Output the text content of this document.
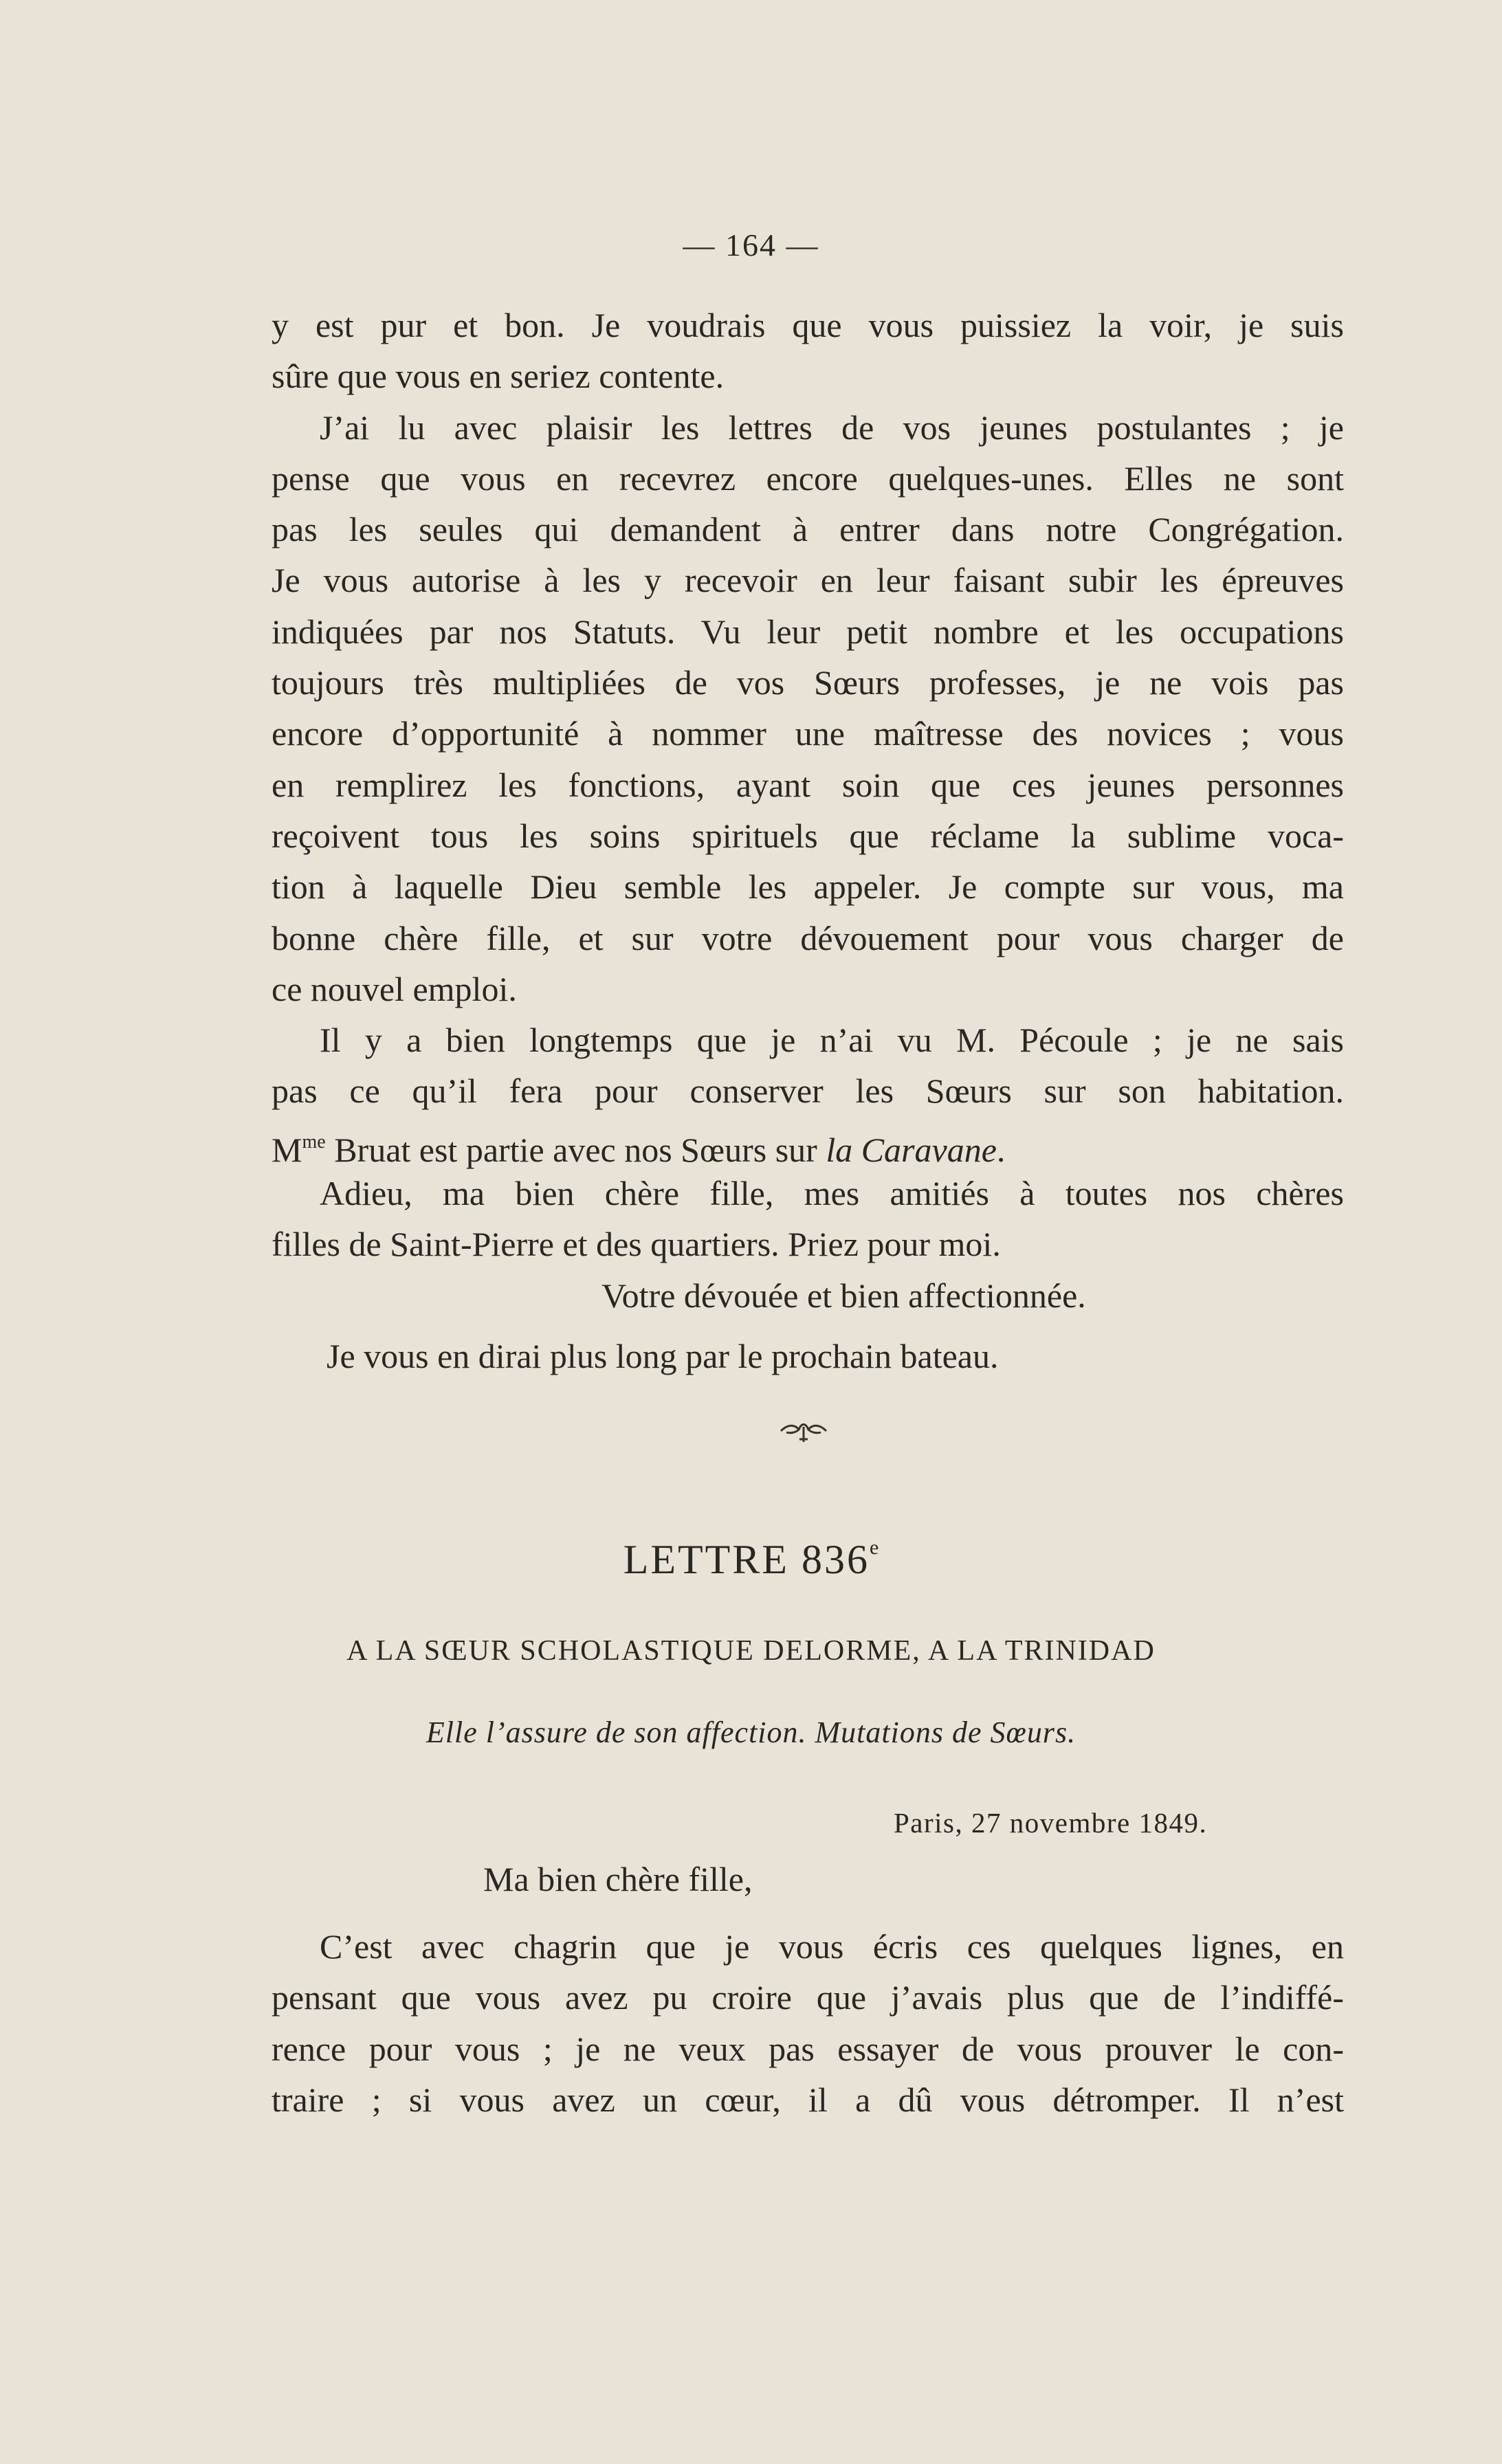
— 164 —
y est pur et bon. Je voudrais que vous puissiez la voir, je suis
sûre que vous en seriez contente.
J’ai lu avec plaisir les lettres de vos jeunes postulantes ; je
pense que vous en recevrez encore quelques-unes. Elles ne sont
pas les seules qui demandent à entrer dans notre Congrégation.
Je vous autorise à les y recevoir en leur faisant subir les épreuves
indiquées par nos Statuts. Vu leur petit nombre et les occupations
toujours très multipliées de vos Sœurs professes, je ne vois pas
encore d’opportunité à nommer une maîtresse des novices ; vous
en remplirez les fonctions, ayant soin que ces jeunes personnes
reçoivent tous les soins spirituels que réclame la sublime voca-
tion à laquelle Dieu semble les appeler. Je compte sur vous, ma
bonne chère fille, et sur votre dévouement pour vous charger de
ce nouvel emploi.
Il y a bien longtemps que je n’ai vu M. Pécoule ; je ne sais
pas ce qu’il fera pour conserver les Sœurs sur son habitation.
$M^{me}$ Bruat est partie avec nos Sœurs sur la Caravane.
Adieu, ma bien chère fille, mes amitiés à toutes nos chères
filles de Saint-Pierre et des quartiers. Priez pour moi.
Votre dévouée et bien affectionnée.
Je vous en dirai plus long par le prochain bateau.
LETTRE 836e
A LA SŒUR SCHOLASTIQUE DELORME, A LA TRINIDAD
Elle l’assure de son affection. Mutations de Sœurs.
Paris, 27 novembre 1849.
Ma bien chère fille,
C’est avec chagrin que je vous écris ces quelques lignes, en
pensant que vous avez pu croire que j’avais plus que de l’indiffé-
rence pour vous ; je ne veux pas essayer de vous prouver le con-
traire ; si vous avez un cœur, il a dû vous détromper. Il n’est
